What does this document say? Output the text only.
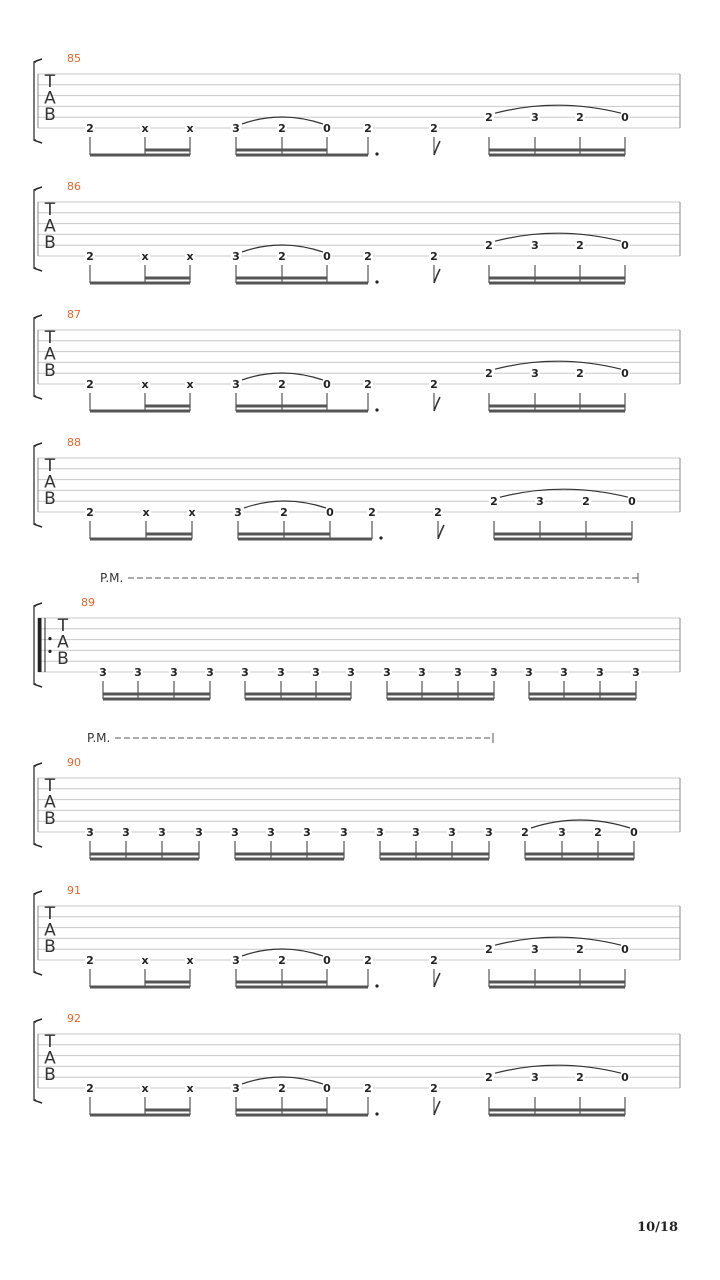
T
A
B
85
2	x	x	3	2	0	2	2
2	3	2	0
T
A
B
86
2	x	x	3	2	0	2	2
2	3	2	0
T
A
B
87
2	x	x	3	2	0	2	2
2	3	2	0
T
A
B
88
2	x	x	3	2	0	2	2
2	3	2	0
T
A
B
89
P.M.
3 3	3	3 3	3 3 3	3 3	3	3 3 3	3	3
T
A
B
90
P.M.
3	3	3	3	3	3	3	3	3	3	3	3	2	3	2	0
T
A
B
91
2	x	x	3	2	0	2	2
2	3	2	0
T
A
B
92
2	x	x	3	2	0	2	2
2	3	2	0
10/18
